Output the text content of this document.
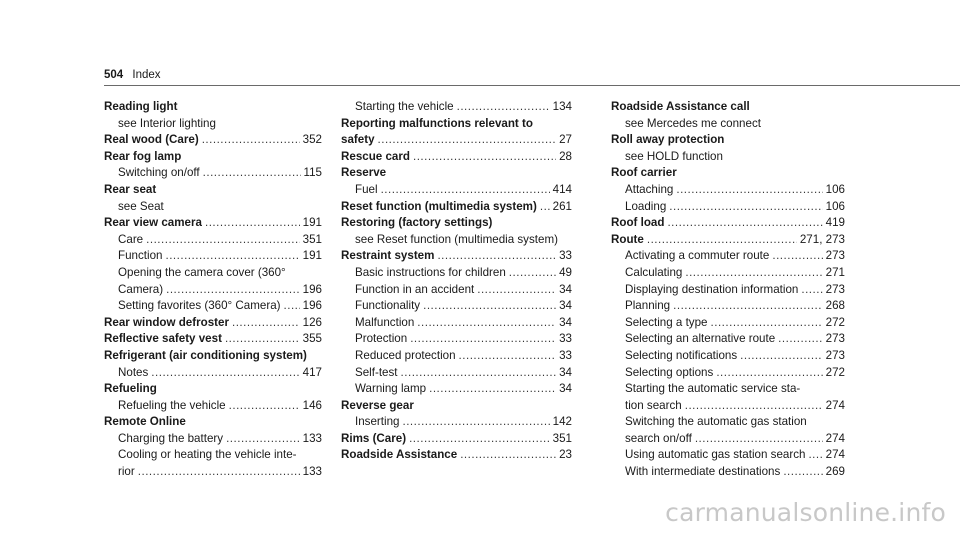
504 Index
Reading light
see Interior lighting
Real wood (Care) .....	352
Rear fog lamp
Switching on/off .....	115
Rear seat
see Seat
Rear view camera .....	191
Care .....	351
Function .....	191
Opening the camera cover (360°
Camera) .....	196
Setting favorites (360° Camera) ..... 196
Rear window defroster .....	126
Reflective safety vest .....	355
Refrigerant (air conditioning system)
Notes .....	417
Refueling
Refueling the vehicle .....	146
Remote Online
Charging the battery .....	133
Cooling or heating the vehicle inte-
rior .....	133
Starting the vehicle .....	134
Reporting malfunctions relevant to
safety .....	27
Rescue card .....	28
Reserve
Fuel .....	414
Reset function (multimedia system) ..... 261
Restoring (factory settings)
see Reset function (multimedia system)
Restraint system .....	33
Basic instructions for children .....	49
Function in an accident .....	34
Functionality .....	34
Malfunction .....	34
Protection .....	33
Reduced protection .....	33
Self-test .....	34
Warning lamp .....	34
Reverse gear
Inserting .....	142
Rims (Care) .....	351
Roadside Assistance .....	23
Roadside Assistance call
see Mercedes me connect
Roll away protection
see HOLD function
Roof carrier
Attaching .....	106
Loading .....	106
Roof load .....	419
Route .....	271, 273
Activating a commuter route .....	273
Calculating .....	271
Displaying destination information ..... 273
Planning .....	268
Selecting a type .....	272
Selecting an alternative route .....	273
Selecting notifications .....	273
Selecting options .....	272
Starting the automatic service sta-
tion search .....	274
Switching the automatic gas station
search on/off .....	274
Using automatic gas station search ..... 274
With intermediate destinations .....	269
carmanualsonline.info
